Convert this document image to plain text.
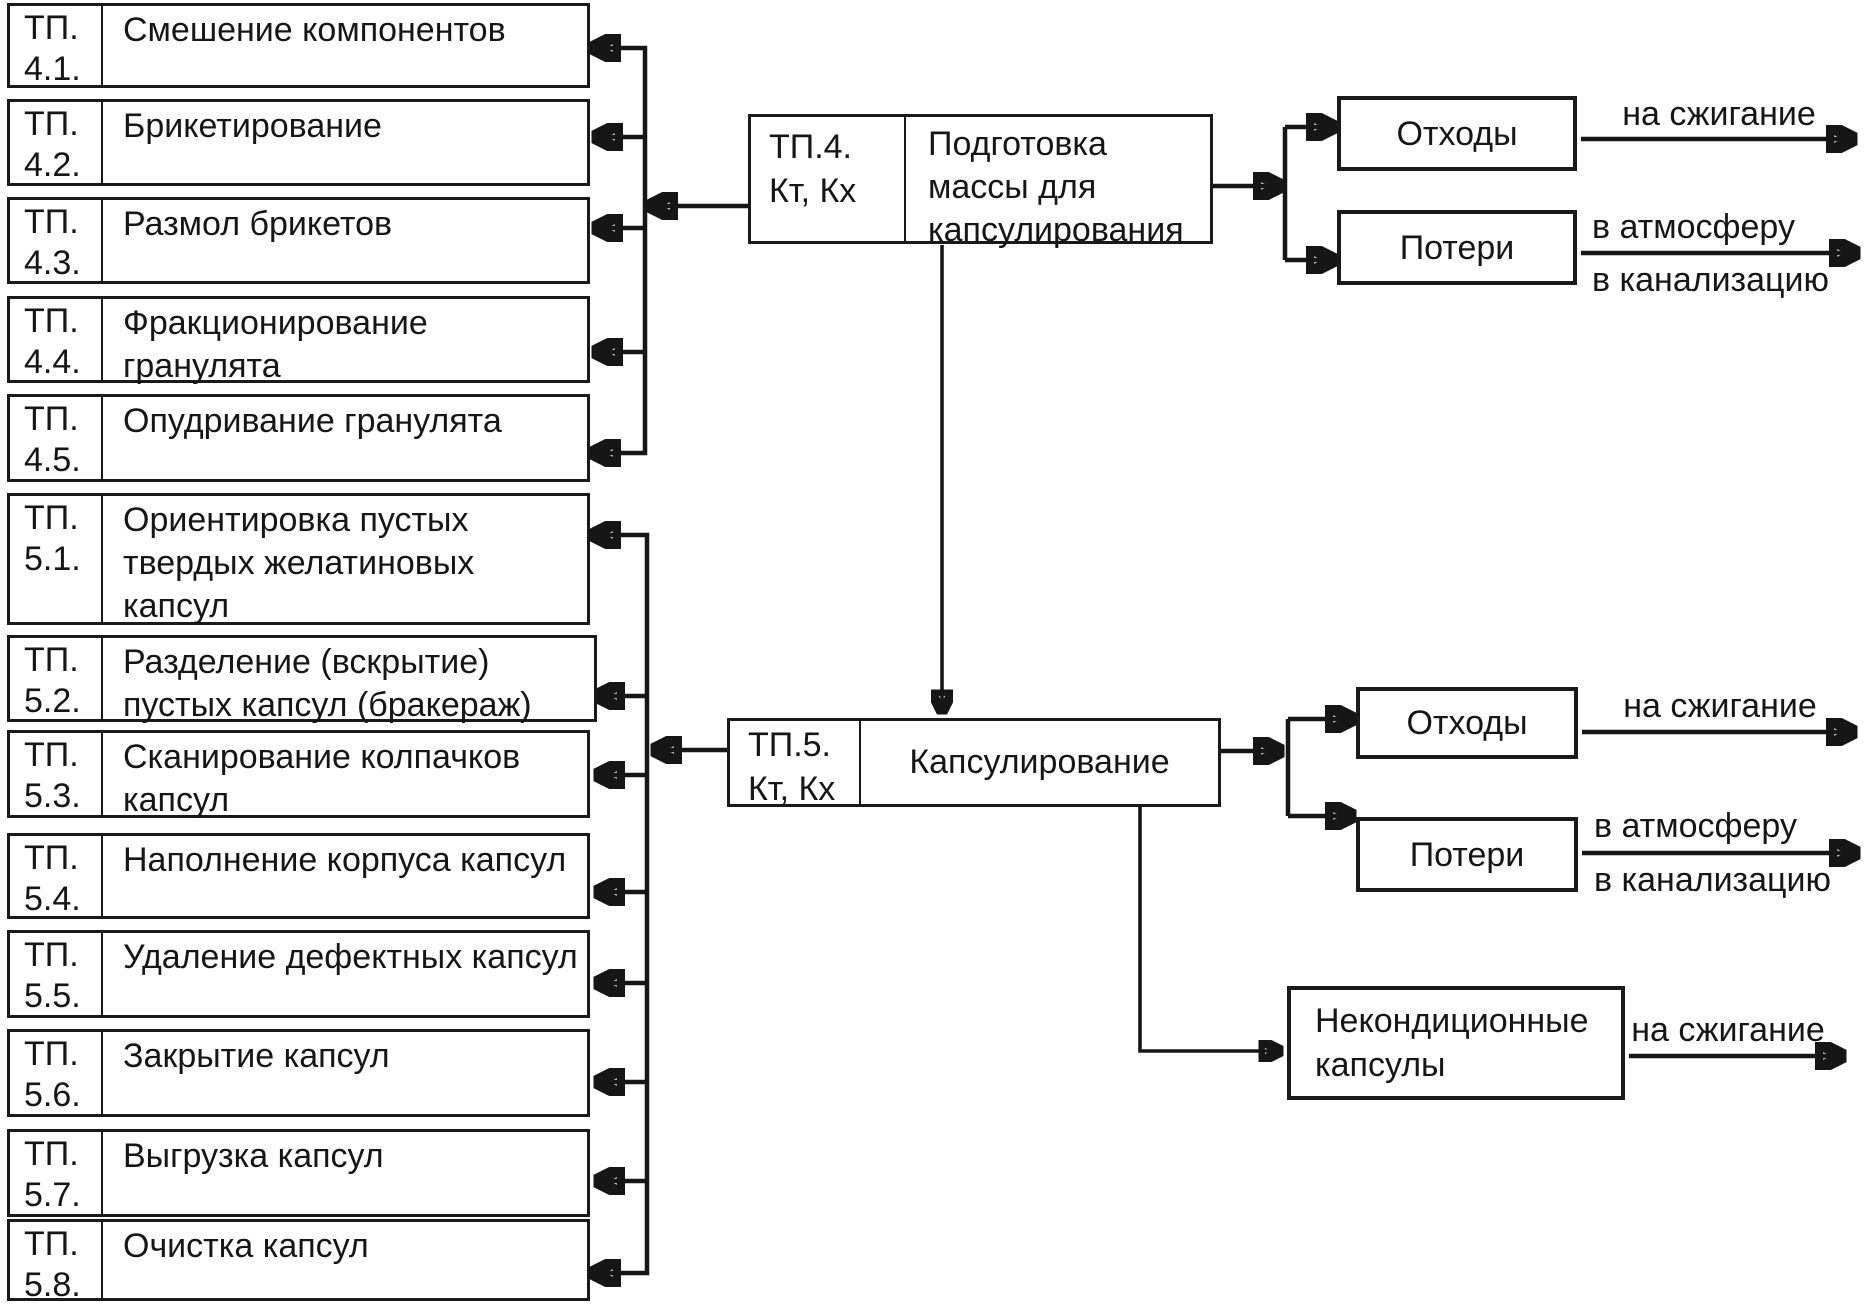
ТП.
4.1.
Смешение компонентов
ТП.
4.2.
Брикетирование
ТП.
4.3.
Размол брикетов
ТП.
4.4.
Фракционирование гранулята
ТП.
4.5.
Опудривание гранулята
ТП.
5.1.
Ориентировка пустых твердых желатиновых капсул
ТП.
5.2.
Разделение (вскрытие) пустых капсул (бракераж)
ТП.
5.3.
Сканирование колпачков капсул
ТП.
5.4.
Наполнение корпуса капсул
ТП.
5.5.
Удаление дефектных капсул
ТП.
5.6.
Закрытие капсул
ТП.
5.7.
Выгрузка капсул
ТП.
5.8.
Очистка капсул
ТП.4.
Кт, Кх
Подготовка массы для капсулирования
ТП.5.
Кт, Кх
Капсулирование
Отходы
Потери
Отходы
Потери
Некондиционные капсулы
на сжигание
в атмосферу
в канализацию
на сжигание
в атмосферу
в канализацию
на сжигание
